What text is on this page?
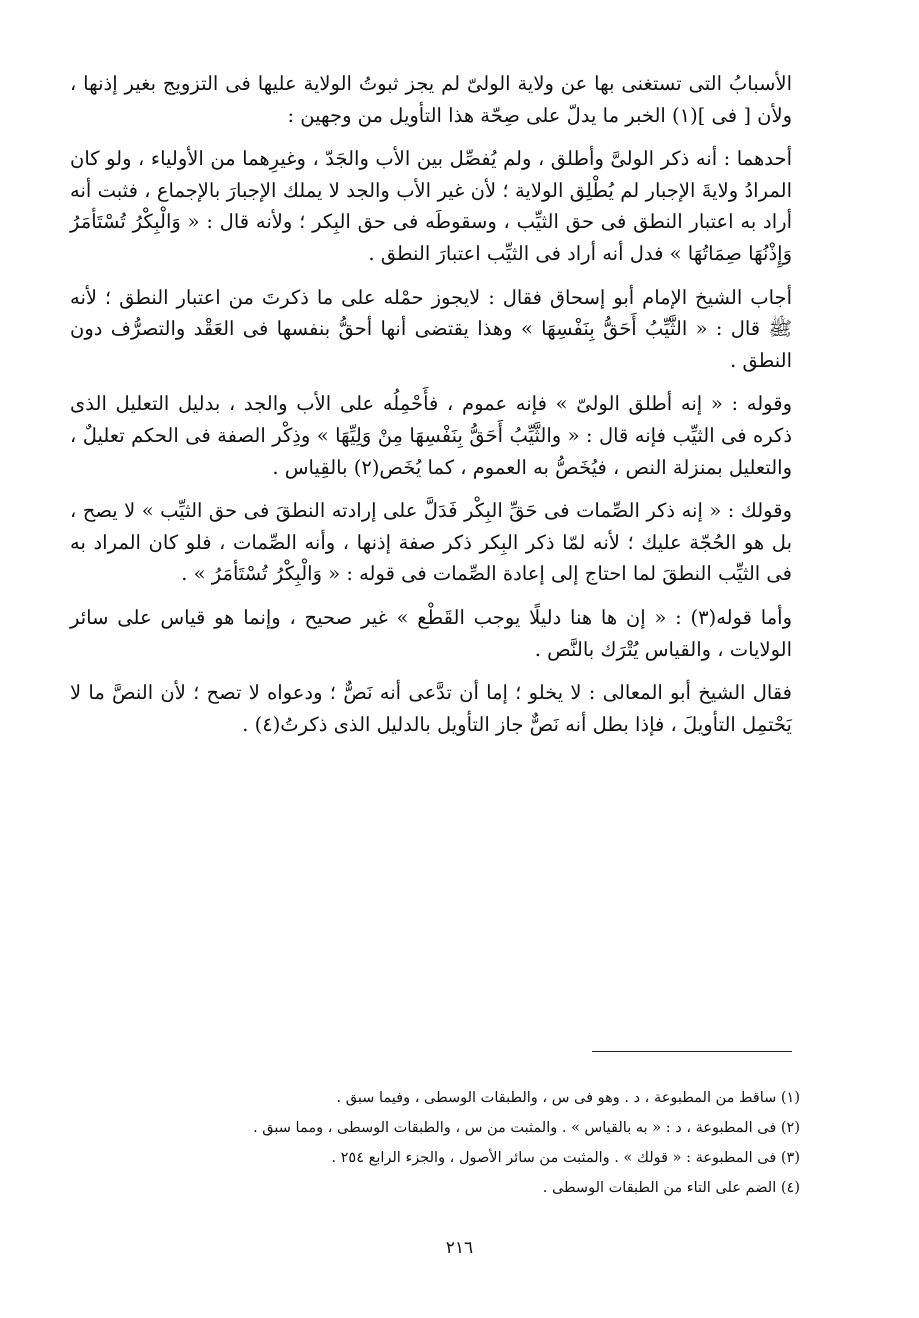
الأسبابُ التى تستغنى بها عن ولاية الولىّ لم يجز ثبوتُ الولاية عليها فى التزويج بغير إذنها ، ولأن [ فى ](١) الخبر ما يدلّ على صِحّة هذا التأويل من وجهين :

أحدهما : أنه ذكر الولىَّ وأطلق ، ولم يُفصِّل بين الأب والجَدّ ، وغيرِهما من الأولياء ، ولو كان المرادُ ولايةَ الإجبار لم يُطْلِق الولاية ؛ لأن غير الأب والجد لا يملك الإجبارَ بالإجماع ، فثبت أنه أراد به اعتبار النطق فى حق الثيِّب ، وسقوطَه فى حق البِكر ؛ ولأنه قال : « وَالْبِكْرُ تُسْتَأمَرُ وَإِذْنُهَا صِمَاتُهَا » فدل أنه أراد فى الثيِّب اعتبارَ النطق .

أجاب الشيخ الإمام أبو إسحاق فقال : لايجوز حمْله على ما ذكرتَ من اعتبار النطق ؛ لأنه ﷺ قال : « الثَّيِّبُ أَحَقُّ بِنَفْسِهَا » وهذا يقتضى أنها أحقُّ بنفسها فى العَقْد والتصرُّف دون النطق .

وقوله : « إنه أطلق الولىّ » فإنه عموم ، فأَحْمِلُه على الأب والجد ، بدليل التعليل الذى ذكره فى الثيِّب فإنه قال : « والثَّيِّبُ أَحَقُّ بِنَفْسِهَا مِنْ وَلِيِّهَا » وذِكْر الصفة فى الحكم تعليلٌ ، والتعليل بمنزلة النص ، فيُخَصُّ به العموم ، كما يُخَص(٢) بالقِياس .

وقولك : « إنه ذكر الصِّمات فى حَقِّ البِكْر فَدَلَّ على إرادته النطقَ فى حق الثيِّب » لا يصح ، بل هو الحُجّة عليك ؛ لأنه لمّا ذكر البِكر ذكر صفة إذنها ، وأنه الصِّمات ، فلو كان المراد به فى الثيِّب النطقَ لما احتاج إلى إعادة الصِّمات فى قوله : « وَالْبِكْرُ تُسْتَأمَرُ » .

وأما قوله(٣) : « إن ها هنا دليلًا يوجب القَطْع » غير صحيح ، وإنما هو قياس على سائر الولايات ، والقياس يُتْرَك بالنَّص .

فقال الشيخ أبو المعالى : لا يخلو ؛ إما أن تدَّعى أنه نَصٌّ ؛ ودعواه لا تصح ؛ لأن النصَّ ما لا يَحْتمِل التأويلَ ، فإذا بطل أنه نَصٌّ جاز التأويل بالدليل الذى ذكرتُ(٤) .

(١) ساقط من المطبوعة ، د . وهو فى س ، والطبقات الوسطى ، وفيما سبق .

(٢) فى المطبوعة ، د : « به بالقياس » . والمثبت من س ، والطبقات الوسطى ، ومما سبق .

(٣) فى المطبوعة : « قولك » . والمثبت من سائر الأصول ، والجزء الرابع ٢٥٤ .

(٤) الضم على التاء من الطبقات الوسطى .

٢١٦
